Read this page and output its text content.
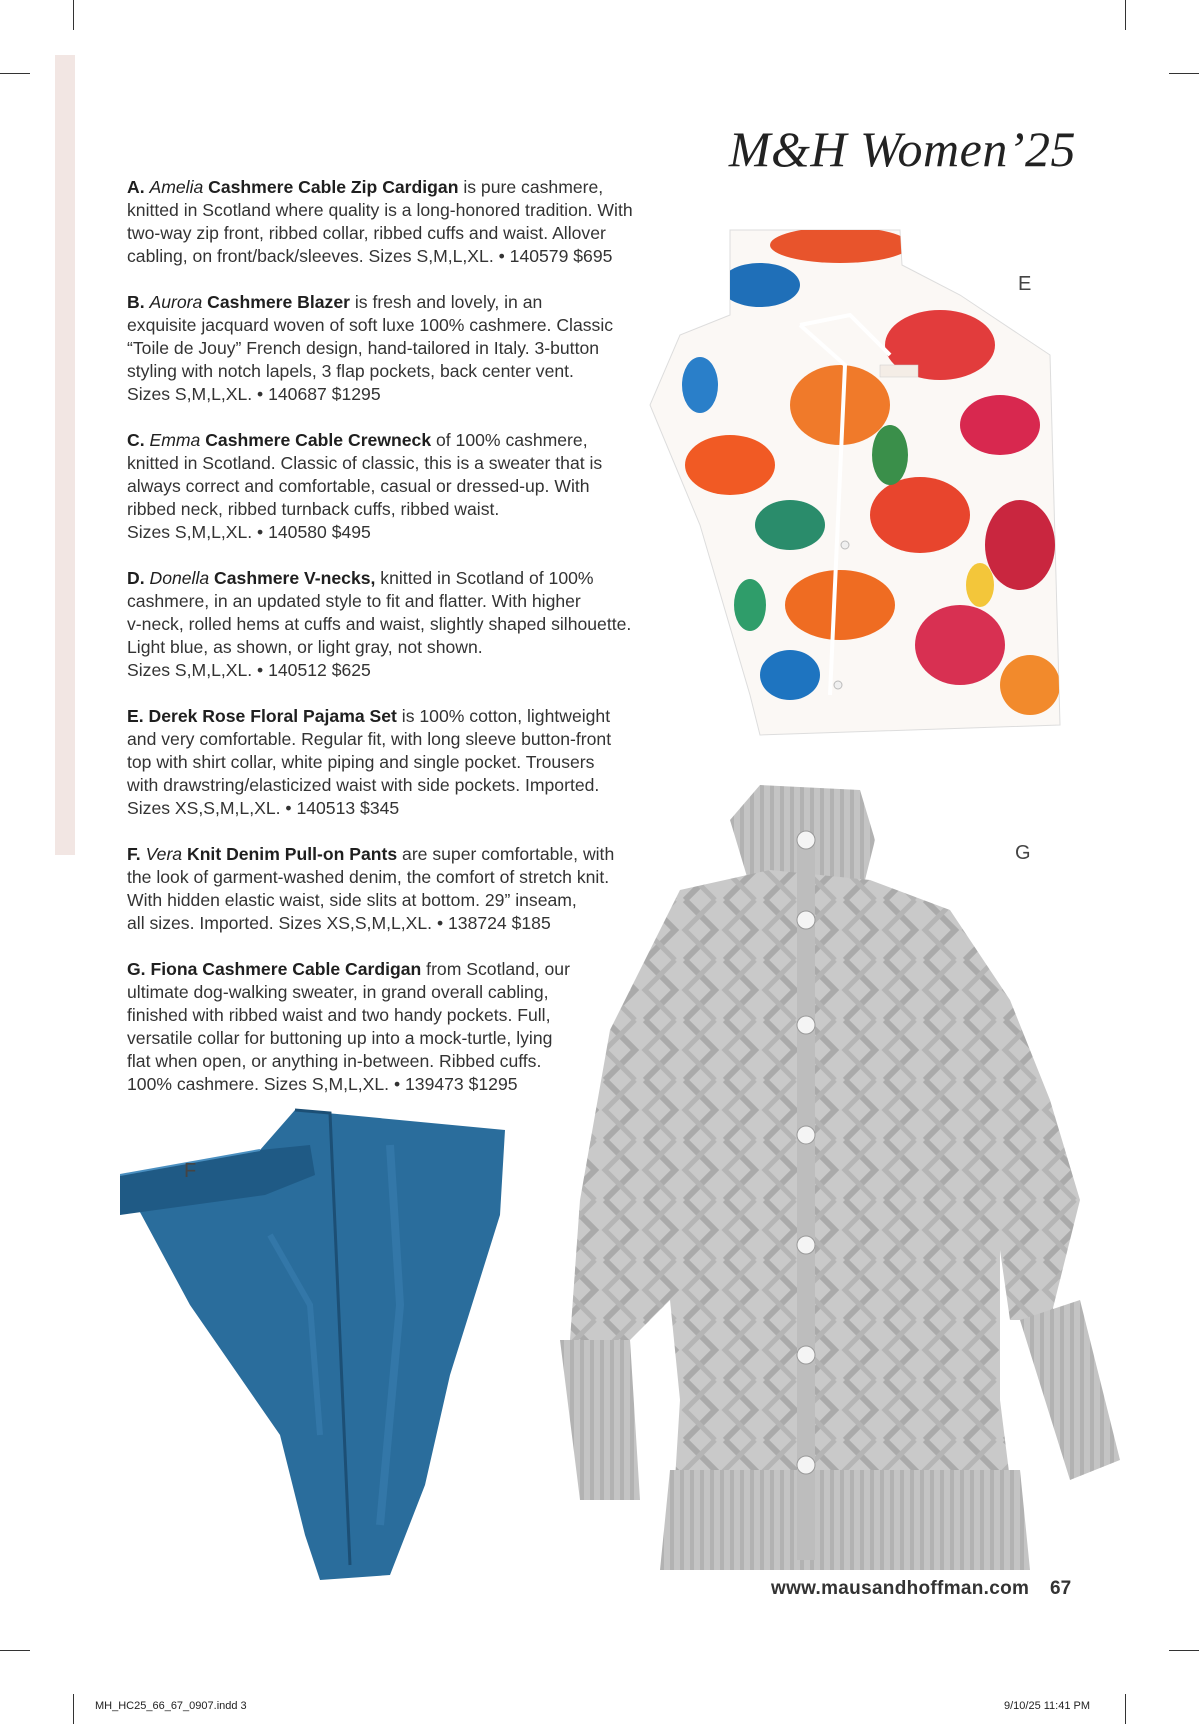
M&H Women’25
A. Amelia Cashmere Cable Zip Cardigan is pure cashmere,
knitted in Scotland where quality is a long-honored tradition. With
two-way zip front, ribbed collar, ribbed cuffs and waist. Allover
cabling, on front/back/sleeves. Sizes S,M,L,XL. • 140579 $695
B. Aurora Cashmere Blazer is fresh and lovely, in an
exquisite jacquard woven of soft luxe 100% cashmere. Classic
“Toile de Jouy” French design, hand-tailored in Italy. 3-button
styling with notch lapels, 3 flap pockets, back center vent.
Sizes S,M,L,XL. • 140687 $1295
C. Emma Cashmere Cable Crewneck of 100% cashmere,
knitted in Scotland. Classic of classic, this is a sweater that is
always correct and comfortable, casual or dressed-up. With
ribbed neck, ribbed turnback cuffs, ribbed waist.
Sizes S,M,L,XL. • 140580 $495
D. Donella Cashmere V-necks, knitted in Scotland of 100%
cashmere, in an updated style to fit and flatter. With higher
v-neck, rolled hems at cuffs and waist, slightly shaped silhouette.
Light blue, as shown, or light gray, not shown.
Sizes S,M,L,XL. • 140512 $625
E. Derek Rose Floral Pajama Set is 100% cotton, lightweight
and very comfortable. Regular fit, with long sleeve button-front
top with shirt collar, white piping and single pocket. Trousers
with drawstring/elasticized waist with side pockets. Imported.
Sizes XS,S,M,L,XL. • 140513 $345
F. Vera Knit Denim Pull-on Pants are super comfortable, with
the look of garment-washed denim, the comfort of stretch knit.
With hidden elastic waist, side slits at bottom. 29” inseam,
all sizes. Imported. Sizes XS,S,M,L,XL. • 138724 $185
G. Fiona Cashmere Cable Cardigan from Scotland, our
ultimate dog-walking sweater, in grand overall cabling,
finished with ribbed waist and two handy pockets. Full,
versatile collar for buttoning up into a mock-turtle, lying
flat when open, or anything in-between. Ribbed cuffs.
100% cashmere. Sizes S,M,L,XL. • 139473 $1295
E
G
F
www.mausandhoffman.com 67
MH_HC25_66_67_0907.indd 3	9/10/25 11:41 PM
